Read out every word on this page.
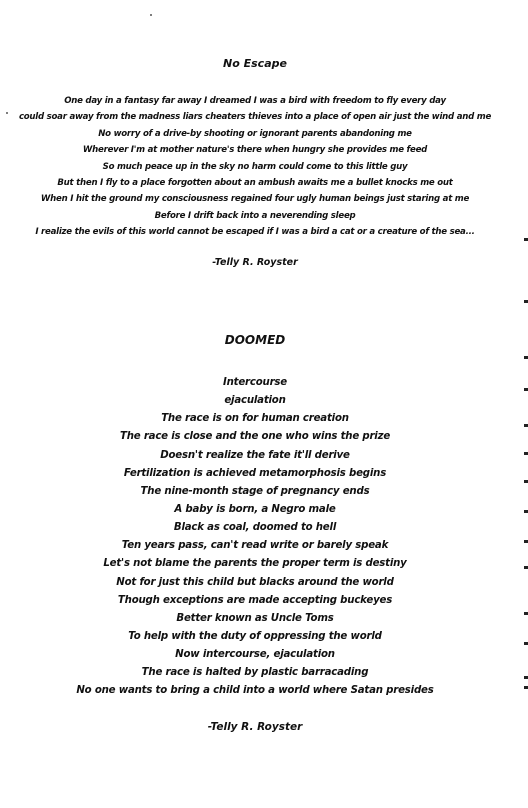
No Escape
One day in a fantasy far away I dreamed I was a bird with freedom to fly every day
could soar away from the madness liars cheaters thieves into a place of open air just the wind and me
No worry of a drive-by shooting or ignorant parents abandoning me
Wherever I'm at mother nature's there when hungry she provides me feed
So much peace up in the sky no harm could come to this little guy
But then I fly to a place forgotten about an ambush awaits me a bullet knocks me out
When I hit the ground my consciousness regained four ugly human beings just staring at me
Before I drift back into a neverending sleep
I realize the evils of this world cannot be escaped if I was a bird a cat or a creature of the sea...
-Telly R. Royster
DOOMED
Intercourse
ejaculation
The race is on for human creation
The race is close and the one who wins the prize
Doesn't realize the fate it'll derive
Fertilization is achieved metamorphosis begins
The nine-month stage of pregnancy ends
A baby is born, a Negro male
Black as coal, doomed to hell
Ten years pass, can't read write or barely speak
Let's not blame the parents the proper term is destiny
Not for just this child but blacks around the world
Though exceptions are made accepting buckeyes
Better known as Uncle Toms
To help with the duty of oppressing the world
Now intercourse, ejaculation
The race is halted by plastic barracading
No one wants to bring a child into a world where Satan presides
-Telly R. Royster
